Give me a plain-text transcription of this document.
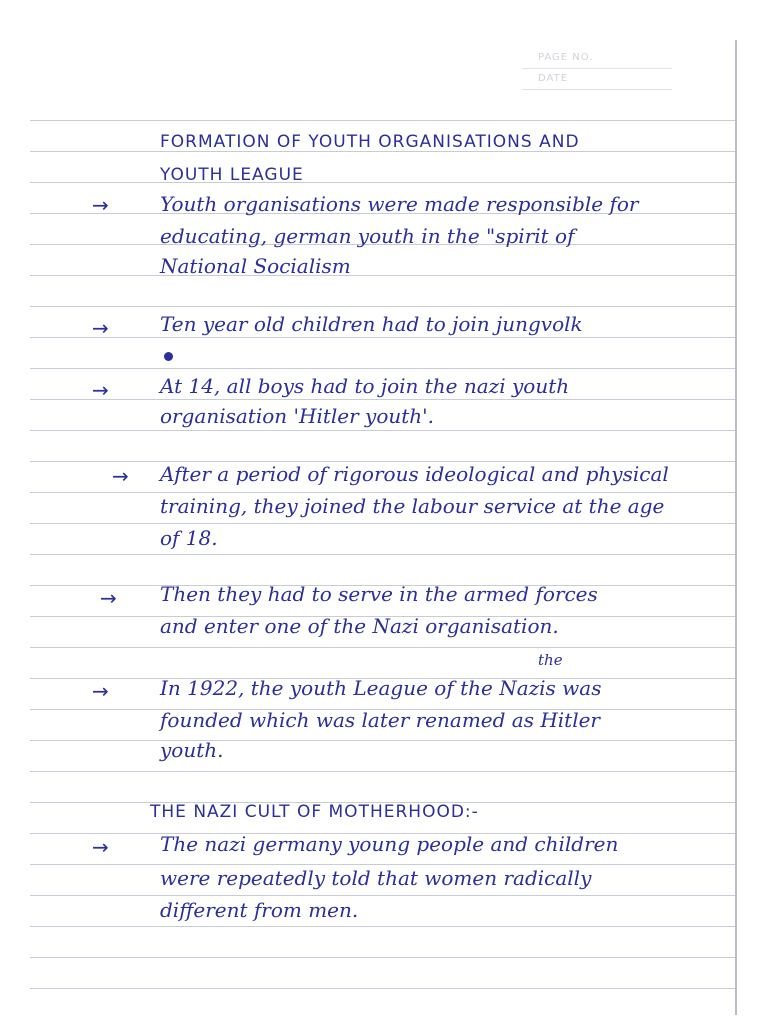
PAGE NO.
DATE
FORMATION OF YOUTH ORGANISATIONS AND
YOUTH LEAGUE
→	Youth organisations were made responsible for
educating, german youth in the "spirit of
National Socialism
→	Ten year old children had to join jungvolk
→	At 14, all boys had to join the nazi youth
organisation 'Hitler youth'.
→ After a period of rigorous ideological and physical
training, they joined the labour service at the age
of 18.
→ Then they had to serve in the armed forces
and enter one of the Nazi organisation.
the
→	In 1922, the youth League of the Nazis was
founded which was later renamed as Hitler
youth.
THE NAZI CULT OF MOTHERHOOD:-
→	The nazi germany young people and children
were repeatedly told that women radically
different from men.
